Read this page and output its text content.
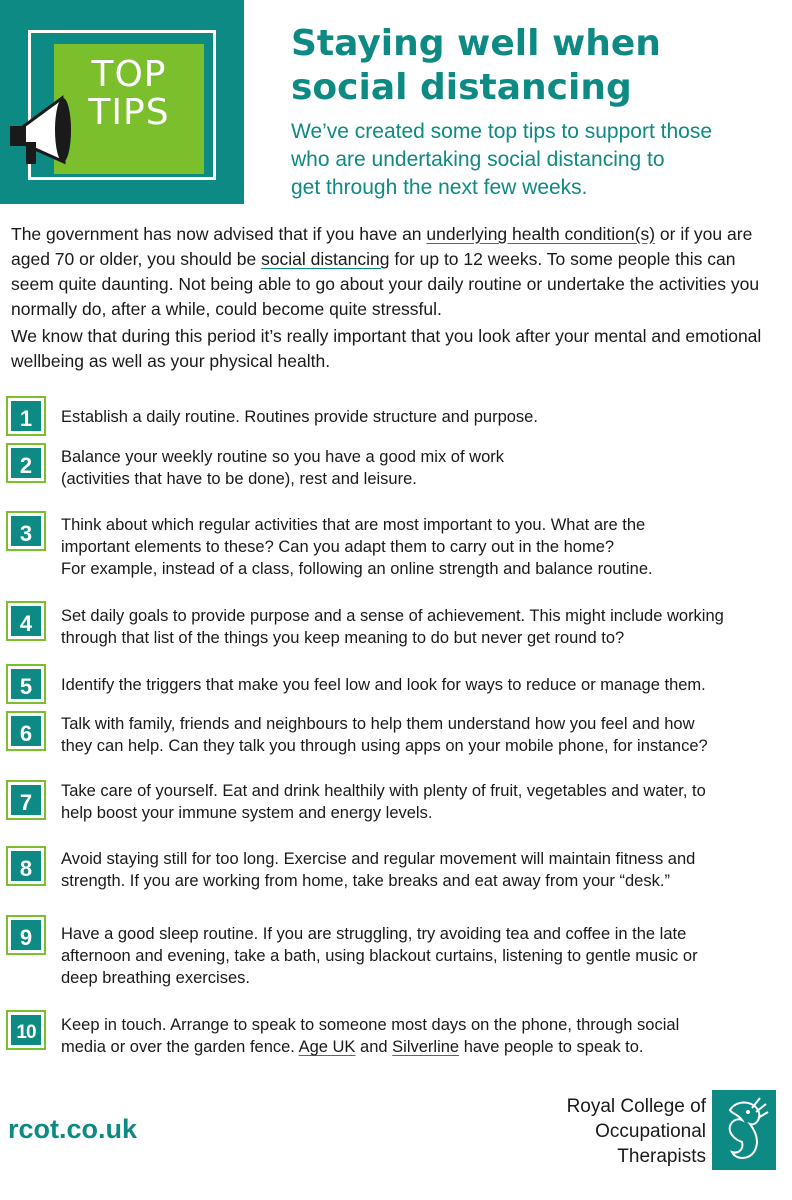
TOP
TIPS
Staying well when
social distancing
We’ve created some top tips to support those
who are undertaking social distancing to
get through the next few weeks.

The government has now advised that if you have an underlying health condition(s) or if you are aged 70 or older, you should be social distancing for up to 12 weeks. To some people this can seem quite daunting. Not being able to go about your daily routine or undertake the activities you normally do, after a while, could become quite stressful.

We know that during this period it’s really important that you look after your mental and emotional wellbeing as well as your physical health.

1	Establish a daily routine. Routines provide structure and purpose.
2	Balance your weekly routine so you have a good mix of work
(activities that have to be done), rest and leisure.
3	Think about which regular activities that are most important to you. What are the
important elements to these? Can you adapt them to carry out in the home?
For example, instead of a class, following an online strength and balance routine.
4	Set daily goals to provide purpose and a sense of achievement. This might include working
through that list of the things you keep meaning to do but never get round to?
5	Identify the triggers that make you feel low and look for ways to reduce or manage them.
6	Talk with family, friends and neighbours to help them understand how you feel and how
they can help. Can they talk you through using apps on your mobile phone, for instance?
7	Take care of yourself. Eat and drink healthily with plenty of fruit, vegetables and water, to
help boost your immune system and energy levels.
8	Avoid staying still for too long. Exercise and regular movement will maintain fitness and
strength. If you are working from home, take breaks and eat away from your “desk.”
9	Have a good sleep routine. If you are struggling, try avoiding tea and coffee in the late
afternoon and evening, take a bath, using blackout curtains, listening to gentle music or
deep breathing exercises.
10	Keep in touch. Arrange to speak to someone most days on the phone, through social
media or over the garden fence. Age UK and Silverline have people to speak to.
rcot.co.uk
Royal College of
Occupational
Therapists
